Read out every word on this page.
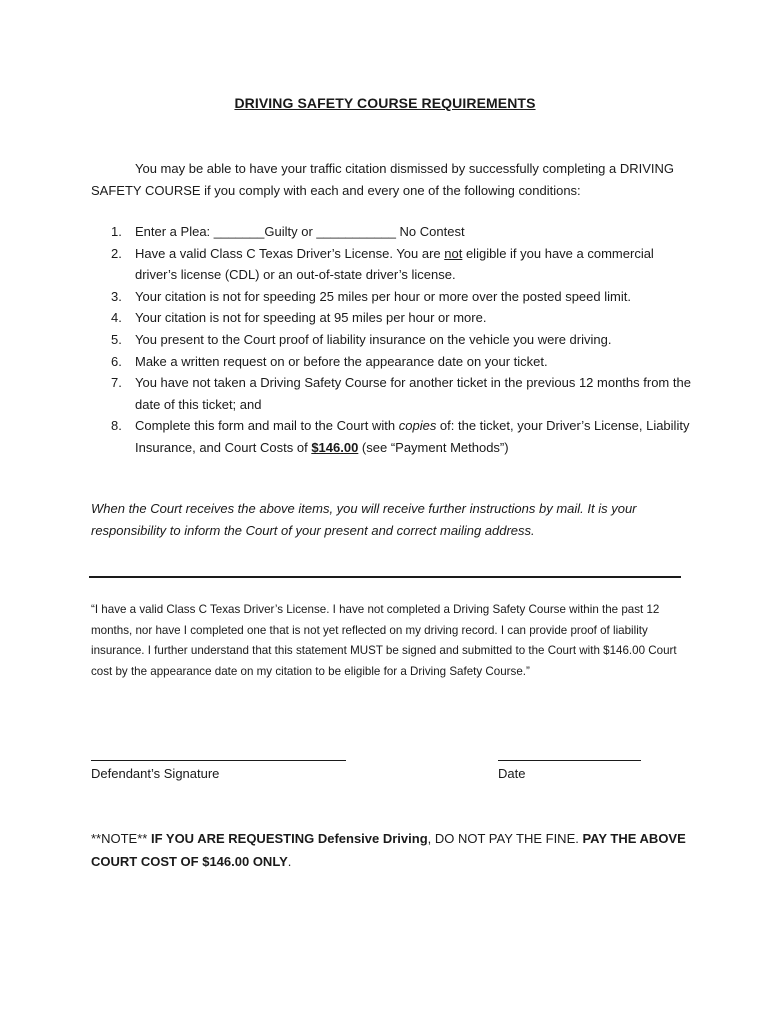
DRIVING SAFETY COURSE REQUIREMENTS
You may be able to have your traffic citation dismissed by successfully completing a DRIVING SAFETY COURSE if you comply with each and every one of the following conditions:
1. Enter a Plea: _______Guilty or ___________ No Contest
2. Have a valid Class C Texas Driver’s License. You are not eligible if you have a commercial driver’s license (CDL) or an out-of-state driver’s license.
3. Your citation is not for speeding 25 miles per hour or more over the posted speed limit.
4. Your citation is not for speeding at 95 miles per hour or more.
5. You present to the Court proof of liability insurance on the vehicle you were driving.
6. Make a written request on or before the appearance date on your ticket.
7. You have not taken a Driving Safety Course for another ticket in the previous 12 months from the date of this ticket; and
8. Complete this form and mail to the Court with copies of: the ticket, your Driver’s License, Liability Insurance, and Court Costs of $146.00 (see “Payment Methods”)
When the Court receives the above items, you will receive further instructions by mail. It is your responsibility to inform the Court of your present and correct mailing address.
“I have a valid Class C Texas Driver’s License. I have not completed a Driving Safety Course within the past 12 months, nor have I completed one that is not yet reflected on my driving record. I can provide proof of liability insurance. I further understand that this statement MUST be signed and submitted to the Court with $146.00 Court cost by the appearance date on my citation to be eligible for a Driving Safety Course.”
Defendant’s Signature	Date
**NOTE** IF YOU ARE REQUESTING Defensive Driving, DO NOT PAY THE FINE. PAY THE ABOVE COURT COST OF $146.00 ONLY.
